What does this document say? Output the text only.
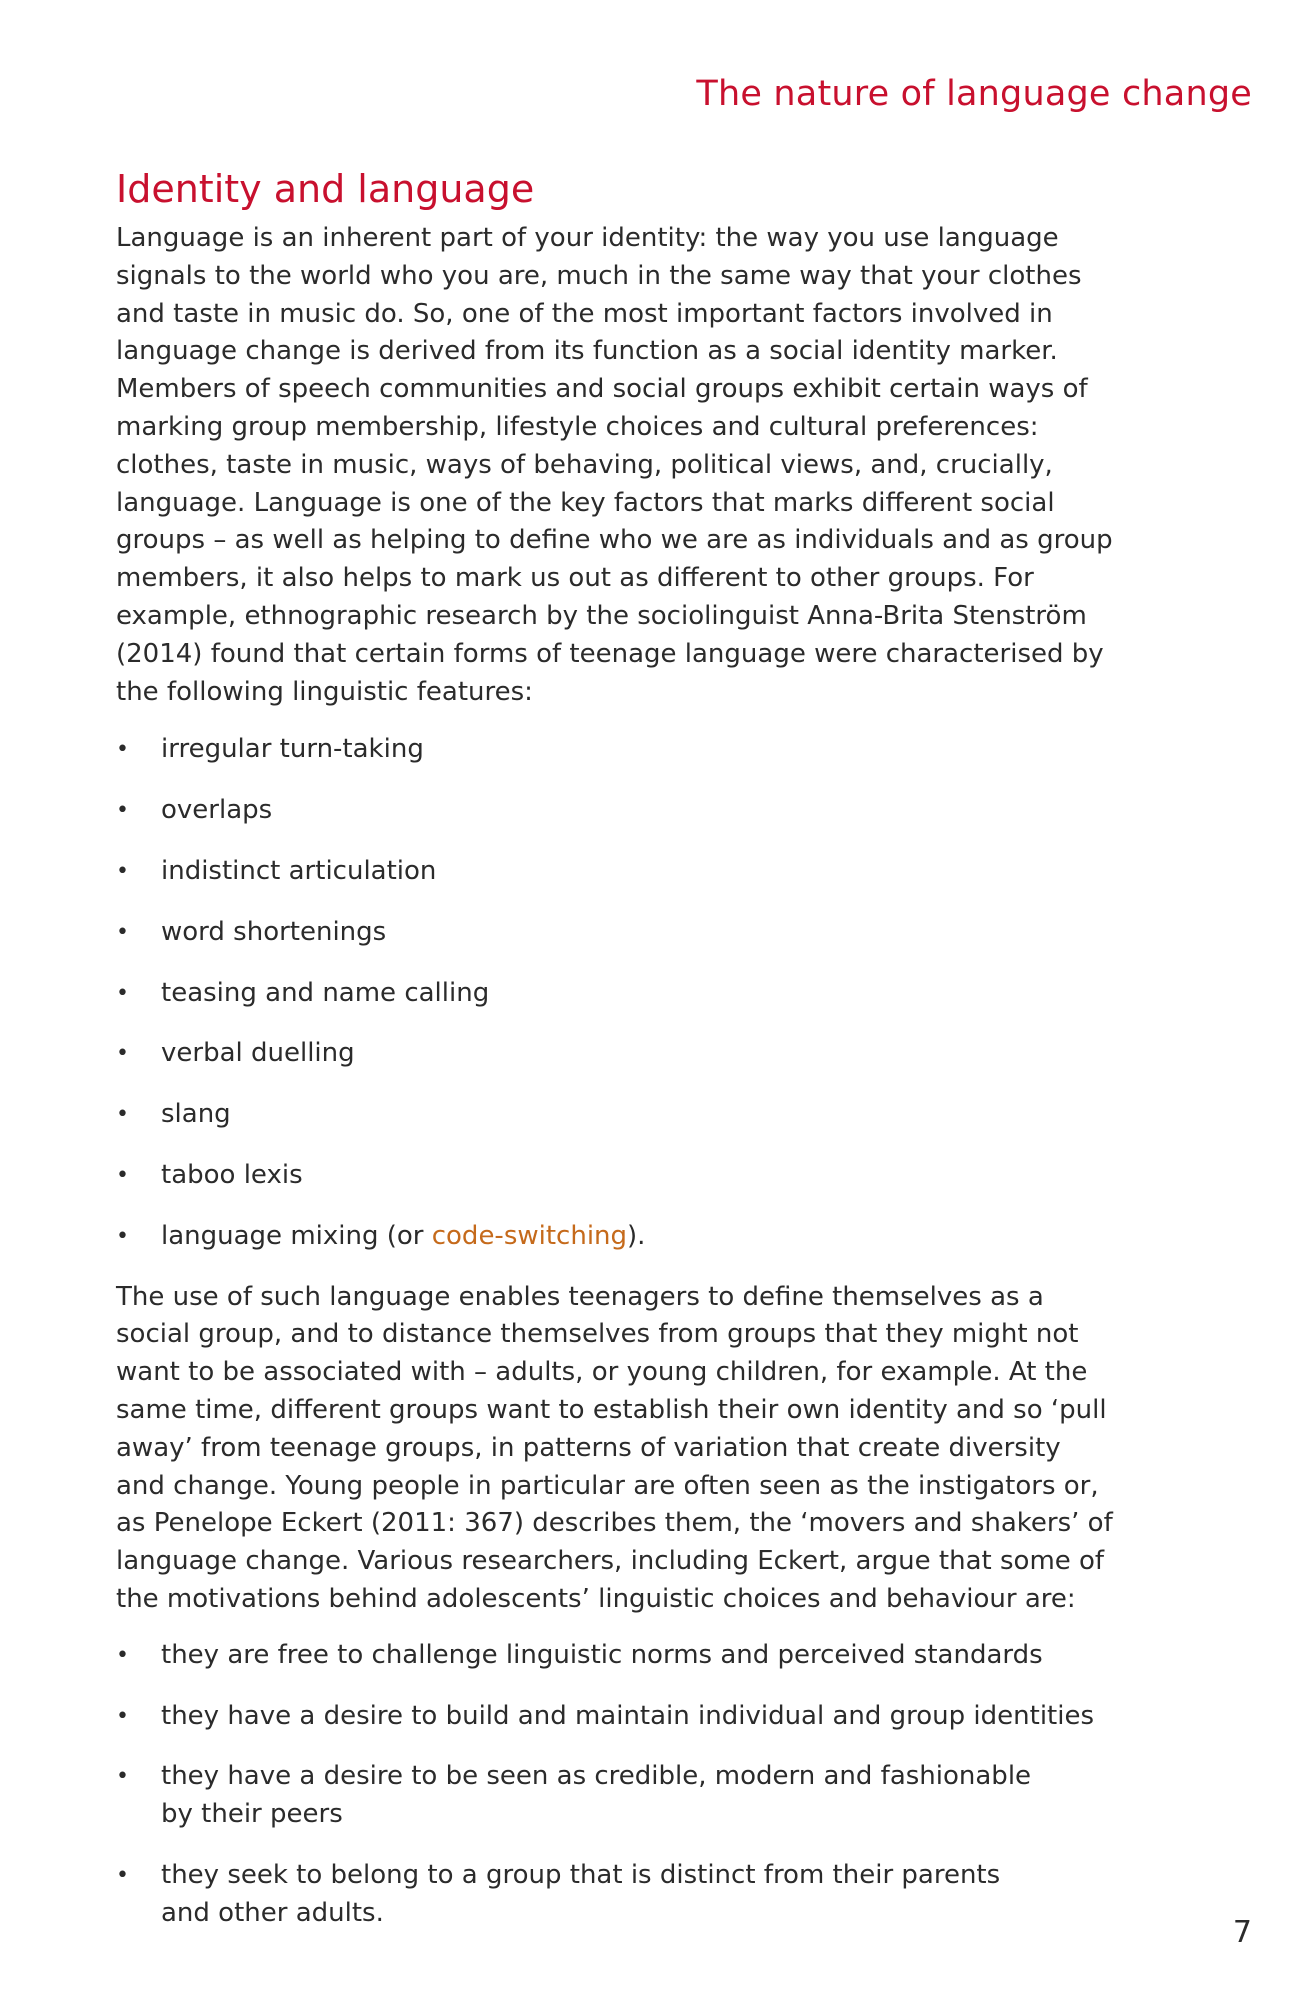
The nature of language change
Identity and language

Language is an inherent part of your identity: the way you use language signals to the world who you are, much in the same way that your clothes and taste in music do. So, one of the most important factors involved in language change is derived from its function as a social identity marker. Members of speech communities and social groups exhibit certain ways of marking group membership, lifestyle choices and cultural preferences: clothes, taste in music, ways of behaving, political views, and, crucially, language. Language is one of the key factors that marks different social groups – as well as helping to define who we are as individuals and as group members, it also helps to mark us out as different to other groups. For example, ethnographic research by the sociolinguist Anna-Brita Stenström (2014) found that certain forms of teenage language were characterised by the following linguistic features:

• irregular turn-taking
• overlaps
• indistinct articulation
• word shortenings
• teasing and name calling
• verbal duelling
• slang
• taboo lexis
• language mixing (or code-switching).

The use of such language enables teenagers to define themselves as a social group, and to distance themselves from groups that they might not want to be associated with – adults, or young children, for example. At the same time, different groups want to establish their own identity and so ‘pull away’ from teenage groups, in patterns of variation that create diversity and change. Young people in particular are often seen as the instigators or, as Penelope Eckert (2011: 367) describes them, the ‘movers and shakers’ of language change. Various researchers, including Eckert, argue that some of the motivations behind adolescents’ linguistic choices and behaviour are:

• they are free to challenge linguistic norms and perceived standards
• they have a desire to build and maintain individual and group identities
• they have a desire to be seen as credible, modern and fashionable by their peers
• they seek to belong to a group that is distinct from their parents and other adults.
7
